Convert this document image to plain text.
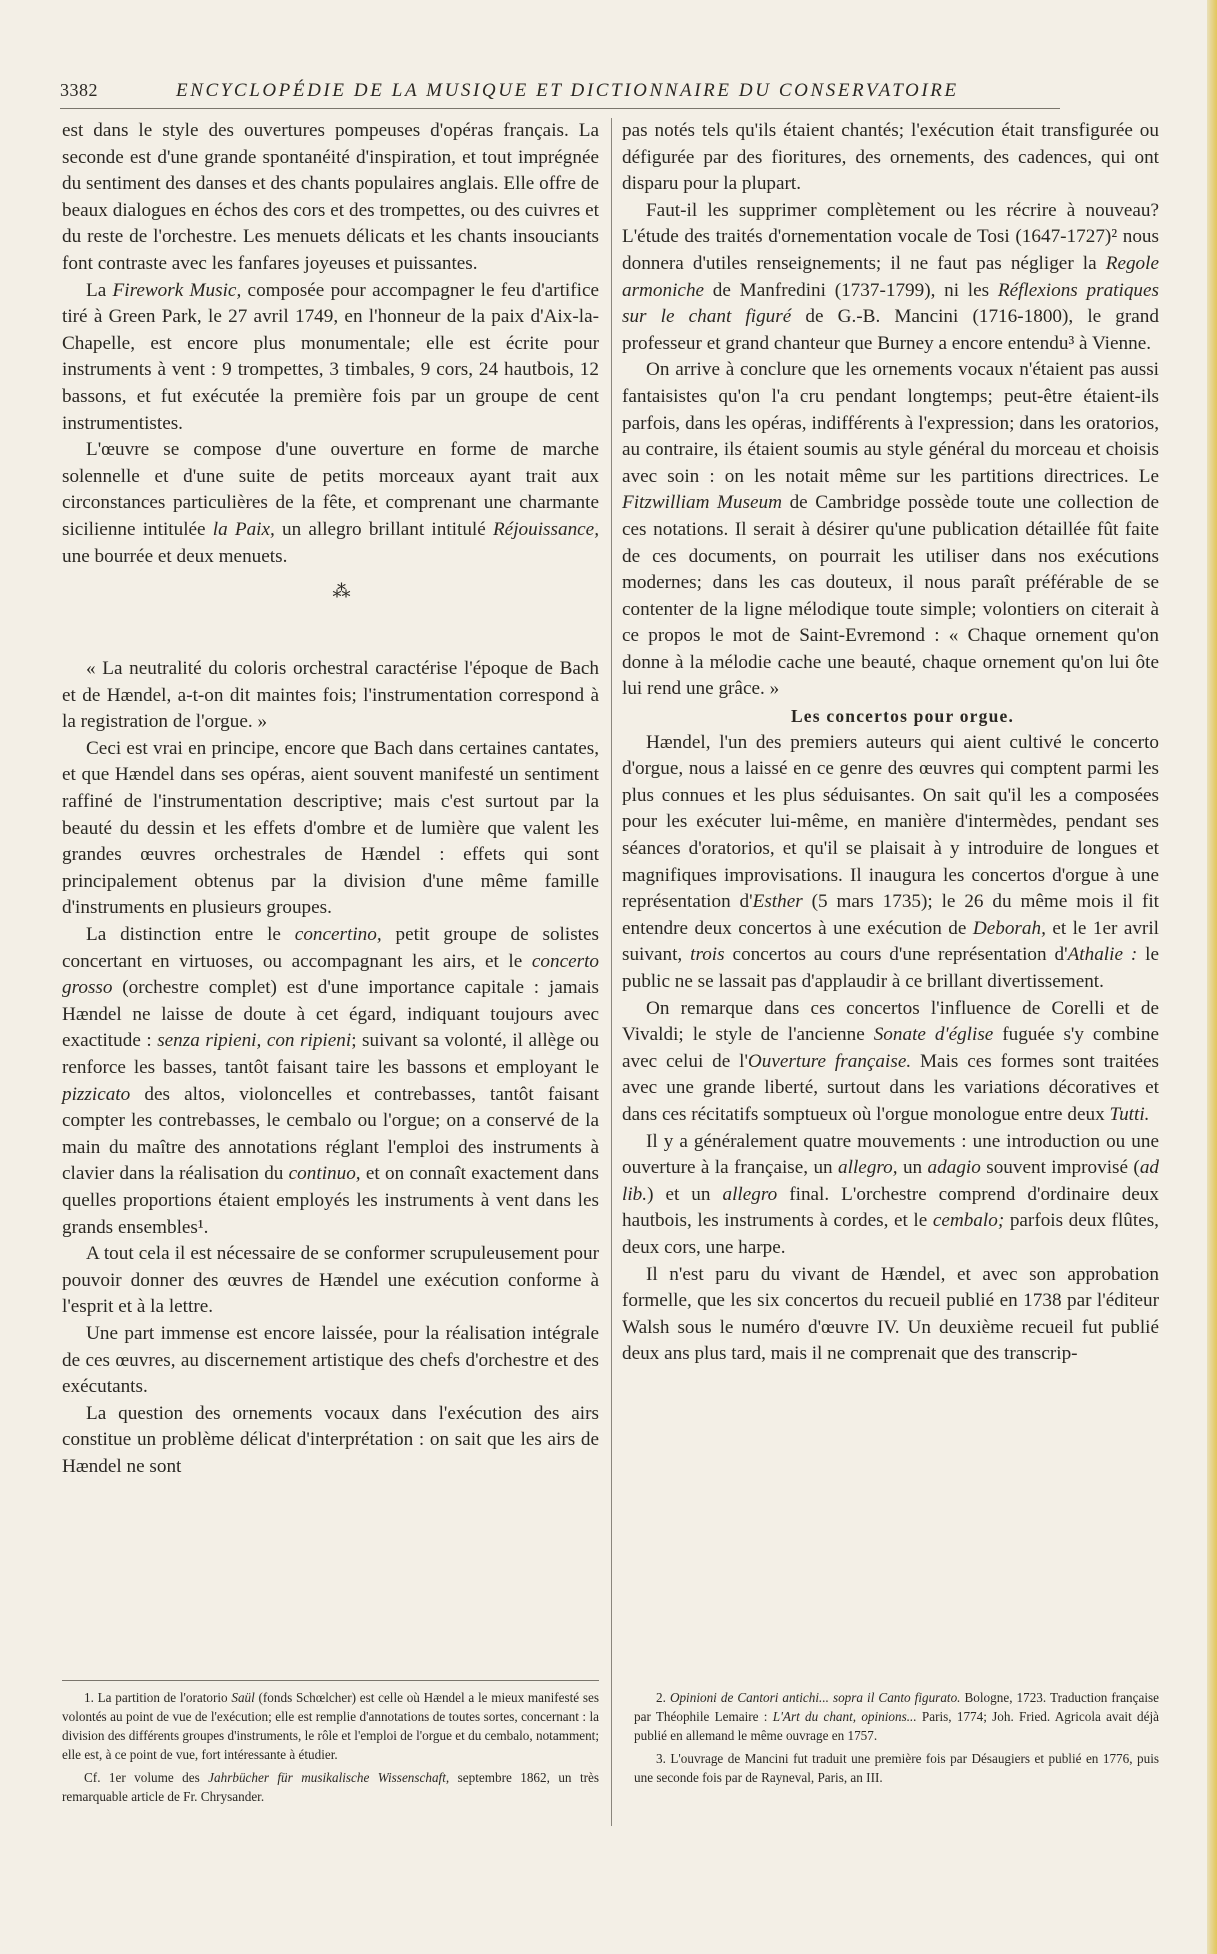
3382	ENCYCLOPÉDIE DE LA MUSIQUE ET DICTIONNAIRE DU CONSERVATOIRE

est dans le style des ouvertures pompeuses d'opéras français. La seconde est d'une grande spontanéité d'inspiration, et tout imprégnée du sentiment des danses et des chants populaires anglais. Elle offre de beaux dialogues en échos des cors et des trompettes, ou des cuivres et du reste de l'orchestre. Les menuets délicats et les chants insouciants font contraste avec les fanfares joyeuses et puissantes.

La Firework Music, composée pour accompagner le feu d'artifice tiré à Green Park, le 27 avril 1749, en l'honneur de la paix d'Aix-la-Chapelle, est encore plus monumentale; elle est écrite pour instruments à vent : 9 trompettes, 3 timbales, 9 cors, 24 hautbois, 12 bassons, et fut exécutée la première fois par un groupe de cent instrumentistes.

L'œuvre se compose d'une ouverture en forme de marche solennelle et d'une suite de petits morceaux ayant trait aux circonstances particulières de la fête, et comprenant une charmante sicilienne intitulée la Paix, un allegro brillant intitulé Réjouissance, une bourrée et deux menuets.

⁂

« La neutralité du coloris orchestral caractérise l'époque de Bach et de Hændel, a-t-on dit maintes fois; l'instrumentation correspond à la registration de l'orgue. »

Ceci est vrai en principe, encore que Bach dans certaines cantates, et que Hændel dans ses opéras, aient souvent manifesté un sentiment raffiné de l'instrumentation descriptive; mais c'est surtout par la beauté du dessin et les effets d'ombre et de lumière que valent les grandes œuvres orchestrales de Hændel : effets qui sont principalement obtenus par la division d'une même famille d'instruments en plusieurs groupes.

La distinction entre le concertino, petit groupe de solistes concertant en virtuoses, ou accompagnant les airs, et le concerto grosso (orchestre complet) est d'une importance capitale : jamais Hændel ne laisse de doute à cet égard, indiquant toujours avec exactitude : senza ripieni, con ripieni; suivant sa volonté, il allège ou renforce les basses, tantôt faisant taire les bassons et employant le pizzicato des altos, violoncelles et contrebasses, tantôt faisant compter les contrebasses, le cembalo ou l'orgue; on a conservé de la main du maître des annotations réglant l'emploi des instruments à clavier dans la réalisation du continuo, et on connaît exactement dans quelles proportions étaient employés les instruments à vent dans les grands ensembles¹.

A tout cela il est nécessaire de se conformer scrupuleusement pour pouvoir donner des œuvres de Hændel une exécution conforme à l'esprit et à la lettre.

Une part immense est encore laissée, pour la réalisation intégrale de ces œuvres, au discernement artistique des chefs d'orchestre et des exécutants.

La question des ornements vocaux dans l'exécution des airs constitue un problème délicat d'interprétation : on sait que les airs de Hændel ne sont

pas notés tels qu'ils étaient chantés; l'exécution était transfigurée ou défigurée par des fioritures, des ornements, des cadences, qui ont disparu pour la plupart.

Faut-il les supprimer complètement ou les récrire à nouveau? L'étude des traités d'ornementation vocale de Tosi (1647-1727)² nous donnera d'utiles renseignements; il ne faut pas négliger la Regole armoniche de Manfredini (1737-1799), ni les Réflexions pratiques sur le chant figuré de G.-B. Mancini (1716-1800), le grand professeur et grand chanteur que Burney a encore entendu³ à Vienne.

On arrive à conclure que les ornements vocaux n'étaient pas aussi fantaisistes qu'on l'a cru pendant longtemps; peut-être étaient-ils parfois, dans les opéras, indifférents à l'expression; dans les oratorios, au contraire, ils étaient soumis au style général du morceau et choisis avec soin : on les notait même sur les partitions directrices. Le Fitzwilliam Museum de Cambridge possède toute une collection de ces notations. Il serait à désirer qu'une publication détaillée fût faite de ces documents, on pourrait les utiliser dans nos exécutions modernes; dans les cas douteux, il nous paraît préférable de se contenter de la ligne mélodique toute simple; volontiers on citerait à ce propos le mot de Saint-Evremond : « Chaque ornement qu'on donne à la mélodie cache une beauté, chaque ornement qu'on lui ôte lui rend une grâce. »

Les concertos pour orgue.

Hændel, l'un des premiers auteurs qui aient cultivé le concerto d'orgue, nous a laissé en ce genre des œuvres qui comptent parmi les plus connues et les plus séduisantes. On sait qu'il les a composées pour les exécuter lui-même, en manière d'intermèdes, pendant ses séances d'oratorios, et qu'il se plaisait à y introduire de longues et magnifiques improvisations. Il inaugura les concertos d'orgue à une représentation d'Esther (5 mars 1735); le 26 du même mois il fit entendre deux concertos à une exécution de Deborah, et le 1er avril suivant, trois concertos au cours d'une représentation d'Athalie : le public ne se lassait pas d'applaudir à ce brillant divertissement.

On remarque dans ces concertos l'influence de Corelli et de Vivaldi; le style de l'ancienne Sonate d'église fuguée s'y combine avec celui de l'Ouverture française. Mais ces formes sont traitées avec une grande liberté, surtout dans les variations décoratives et dans ces récitatifs somptueux où l'orgue monologue entre deux Tutti.

Il y a généralement quatre mouvements : une introduction ou une ouverture à la française, un allegro, un adagio souvent improvisé (ad lib.) et un allegro final. L'orchestre comprend d'ordinaire deux hautbois, les instruments à cordes, et le cembalo; parfois deux flûtes, deux cors, une harpe.

Il n'est paru du vivant de Hændel, et avec son approbation formelle, que les six concertos du recueil publié en 1738 par l'éditeur Walsh sous le numéro d'œuvre IV. Un deuxième recueil fut publié deux ans plus tard, mais il ne comprenait que des transcrip-

1. La partition de l'oratorio Saül (fonds Schœlcher) est celle où Hændel a le mieux manifesté ses volontés au point de vue de l'exécution; elle est remplie d'annotations de toutes sortes, concernant : la division des différents groupes d'instruments, le rôle et l'emploi de l'orgue et du cembalo, notamment; elle est, à ce point de vue, fort intéressante à étudier.

Cf. 1er volume des Jahrbücher für musikalische Wissenschaft, septembre 1862, un très remarquable article de Fr. Chrysander.

2. Opinioni de Cantori antichi... sopra il Canto figurato. Bologne, 1723. Traduction française par Théophile Lemaire : L'Art du chant, opinions... Paris, 1774; Joh. Fried. Agricola avait déjà publié en allemand le même ouvrage en 1757.

3. L'ouvrage de Mancini fut traduit une première fois par Désaugiers et publié en 1776, puis une seconde fois par de Rayneval, Paris, an III.
